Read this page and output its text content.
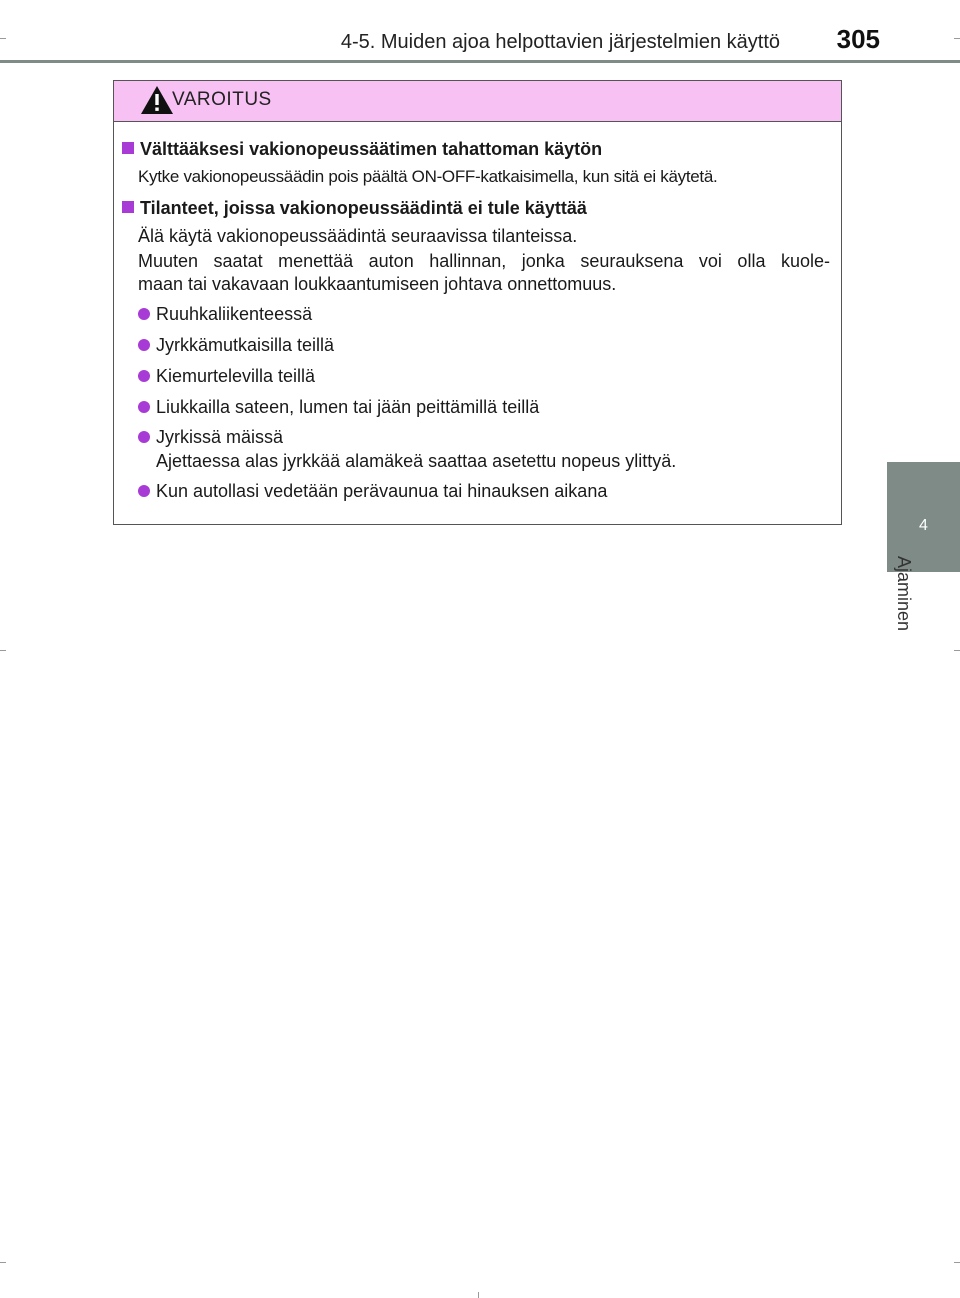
4-5. Muiden ajoa helpottavien järjestelmien käyttö	305
4
Ajaminen
VAROITUS
Välttääksesi vakionopeussäätimen tahattoman käytön
Kytke vakionopeussäädin pois päältä ON-OFF-katkaisimella, kun sitä ei käytetä.
Tilanteet, joissa vakionopeussäädintä ei tule käyttää
Älä käytä vakionopeussäädintä seuraavissa tilanteissa.
Muuten saatat menettää auton hallinnan, jonka seurauksena voi olla kuole-
maan tai vakavaan loukkaantumiseen johtava onnettomuus.
Ruuhkaliikenteessä
Jyrkkämutkaisilla teillä
Kiemurtelevilla teillä
Liukkailla sateen, lumen tai jään peittämillä teillä
Jyrkissä mäissä
Ajettaessa alas jyrkkää alamäkeä saattaa asetettu nopeus ylittyä.
Kun autollasi vedetään perävaunua tai hinauksen aikana
